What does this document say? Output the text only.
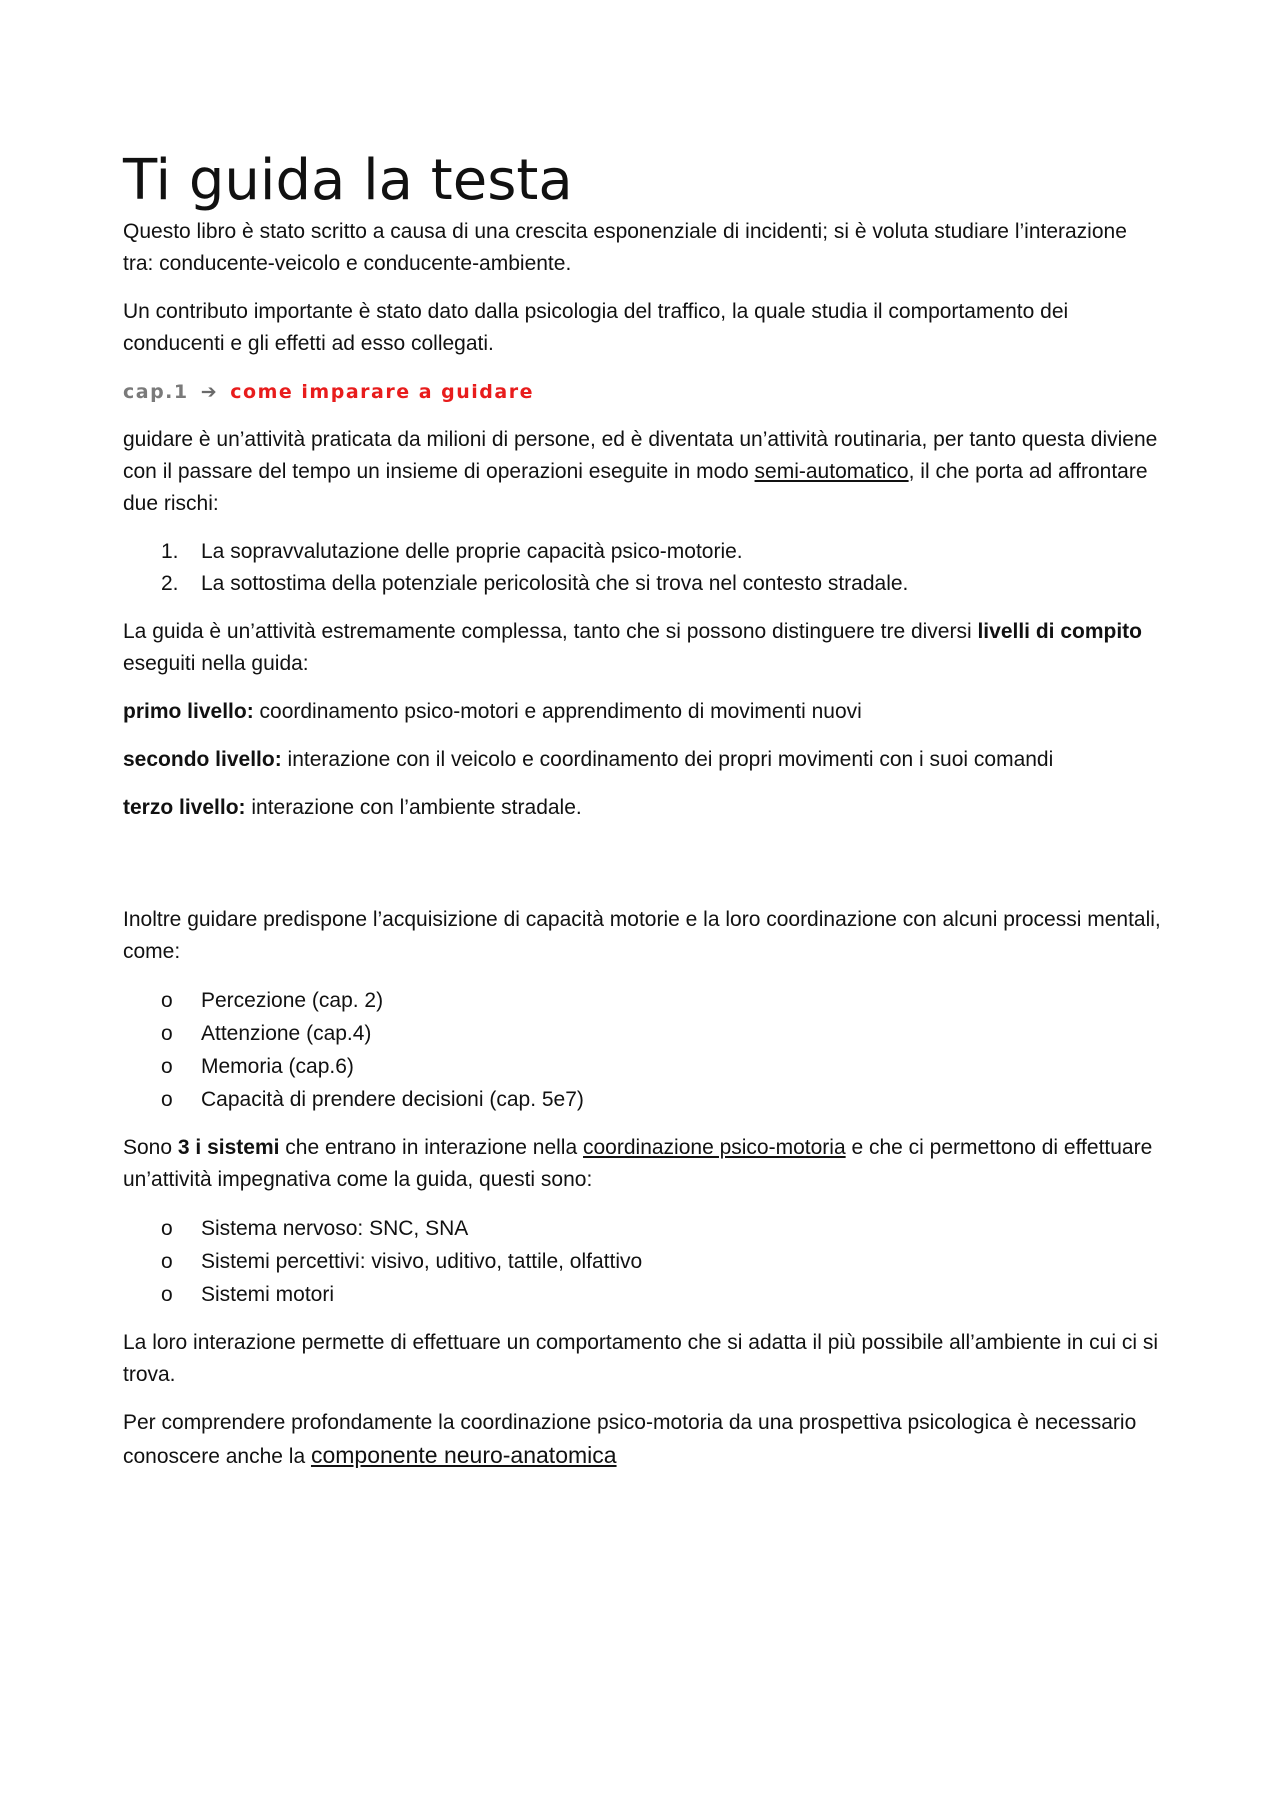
Ti guida la testa

Questo libro è stato scritto a causa di una crescita esponenziale di incidenti; si è voluta studiare l’interazione tra: conducente-veicolo e conducente-ambiente.

Un contributo importante è stato dato dalla psicologia del traffico, la quale studia il comportamento dei conducenti e gli effetti ad esso collegati.

cap.1 ➔ come imparare a guidare

guidare è un’attività praticata da milioni di persone, ed è diventata un’attività routinaria, per tanto questa diviene con il passare del tempo un insieme di operazioni eseguite in modo semi-automatico, il che porta ad affrontare due rischi:

1.	La sopravvalutazione delle proprie capacità psico-motorie.
2.	La sottostima della potenziale pericolosità che si trova nel contesto stradale.

La guida è un’attività estremamente complessa, tanto che si possono distinguere tre diversi livelli di compito eseguiti nella guida:

primo livello: coordinamento psico-motori e apprendimento di movimenti nuovi

secondo livello: interazione con il veicolo e coordinamento dei propri movimenti con i suoi comandi

terzo livello: interazione con l’ambiente stradale.

Inoltre guidare predispone l’acquisizione di capacità motorie e la loro coordinazione con alcuni processi mentali, come:

o	Percezione (cap. 2)
o	Attenzione (cap.4)
o	Memoria (cap.6)
o	Capacità di prendere decisioni (cap. 5e7)

Sono 3 i sistemi che entrano in interazione nella coordinazione psico-motoria e che ci permettono di effettuare un’attività impegnativa come la guida, questi sono:

o	Sistema nervoso: SNC, SNA
o	Sistemi percettivi: visivo, uditivo, tattile, olfattivo
o	Sistemi motori

La loro interazione permette di effettuare un comportamento che si adatta il più possibile all’ambiente in cui ci si trova.

Per comprendere profondamente la coordinazione psico-motoria da una prospettiva psicologica è necessario conoscere anche la componente neuro-anatomica
